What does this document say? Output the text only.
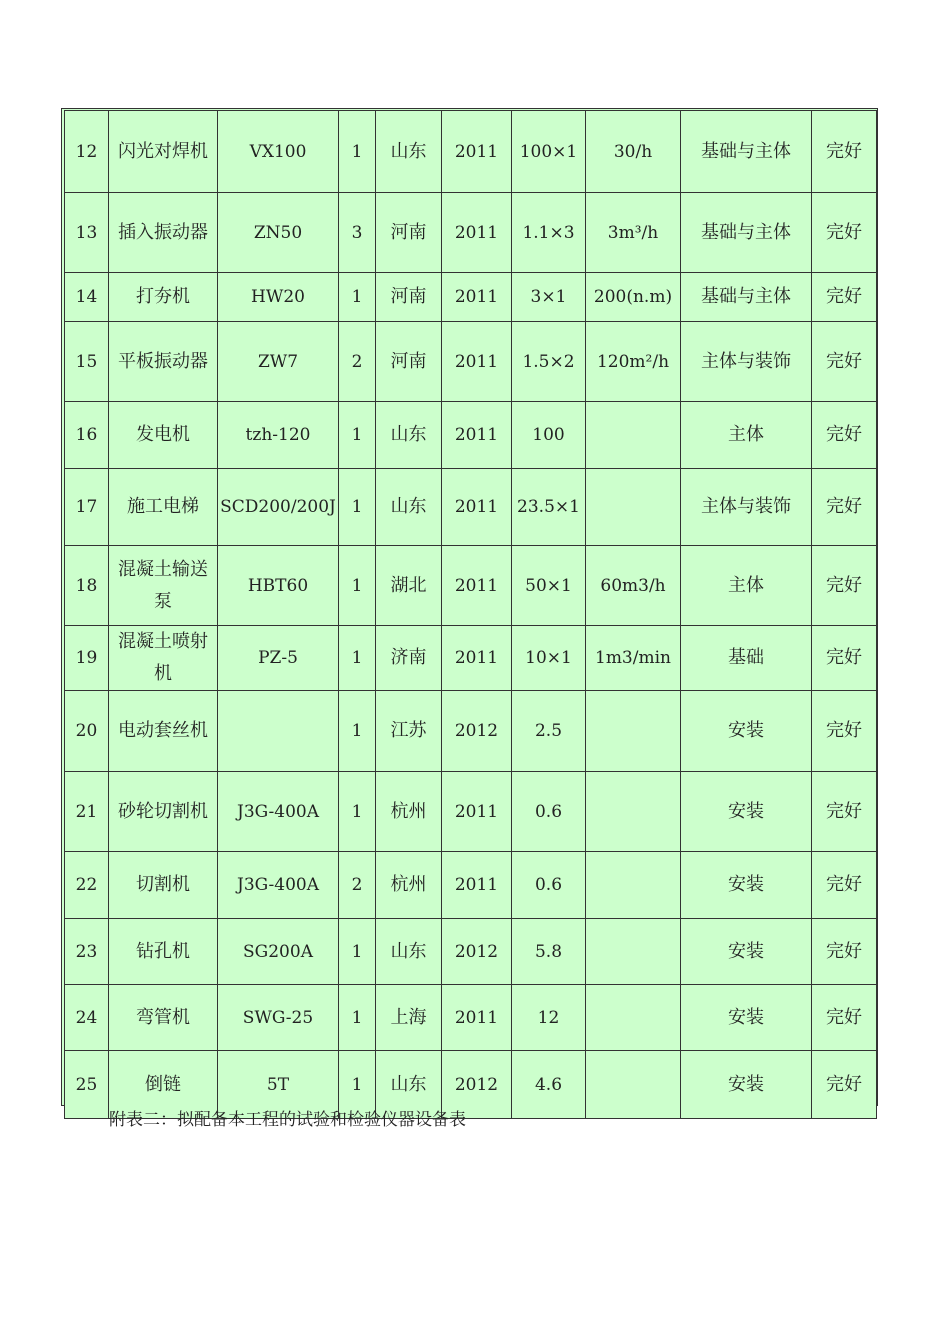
12	闪光对焊机	VX100	1	山东	2011	100×1	30/h	基础与主体	完好
13	插入振动器	ZN50	3	河南	2011	1.1×3	3m³/h	基础与主体	完好
14	打夯机	HW20	1	河南	2011	3×1	200(n.m)	基础与主体	完好
15	平板振动器	ZW7	2	河南	2011	1.5×2	120m²/h	主体与装饰	完好
16	发电机	tzh-120	1	山东	2011	100		主体	完好
17	施工电梯	SCD200/200J	1	山东	2011	23.5×1		主体与装饰	完好
18	混凝土输送泵	HBT60	1	湖北	2011	50×1	60m3/h	主体	完好
19	混凝土喷射机	PZ-5	1	济南	2011	10×1	1m3/min	基础	完好
20	电动套丝机		1	江苏	2012	2.5		安装	完好
21	砂轮切割机	J3G-400A	1	杭州	2011	0.6		安装	完好
22	切割机	J3G-400A	2	杭州	2011	0.6		安装	完好
23	钻孔机	SG200A	1	山东	2012	5.8		安装	完好
24	弯管机	SWG-25	1	上海	2011	12		安装	完好
25	倒链	5T	1	山东	2012	4.6		安装	完好
附表二：拟配备本工程的试验和检验仪器设备表
